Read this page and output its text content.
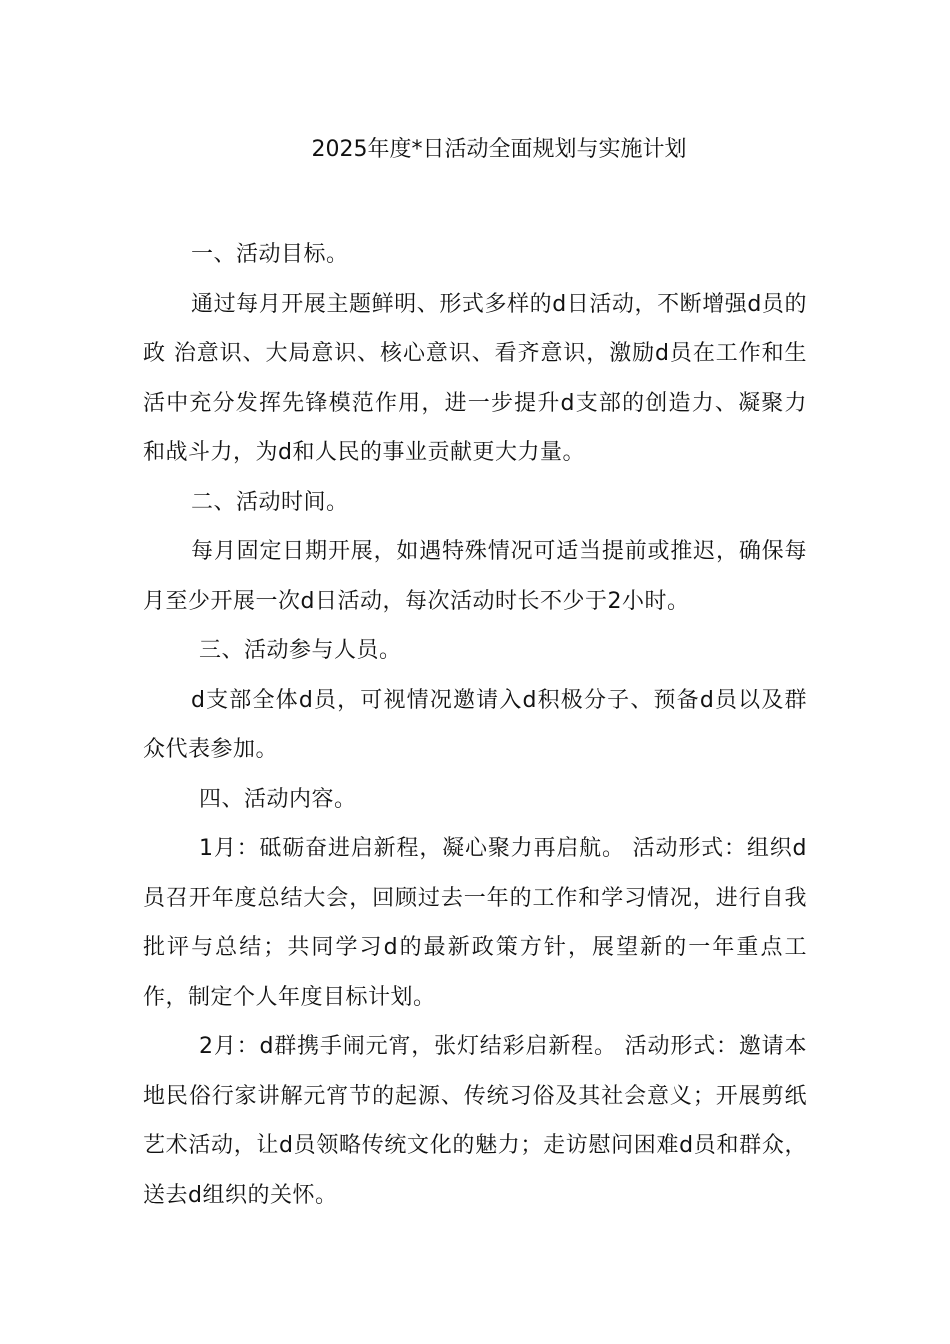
2025年度*日活动全面规划与实施计划

一、活动目标。

通过每月开展主题鲜明、形式多样的d日活动，不断增强d员的政 治意识、大局意识、核心意识、看齐意识，激励d员在工作和生活中充分发挥先锋模范作用，进一步提升d支部的创造力、凝聚力和战斗力，为d和人民的事业贡献更大力量。

二、活动时间。

每月固定日期开展，如遇特殊情况可适当提前或推迟，确保每月至少开展一次d日活动，每次活动时长不少于2小时。

三、活动参与人员。

d支部全体d员，可视情况邀请入d积极分子、预备d员以及群众代表参加。

四、活动内容。

1月：砥砺奋进启新程，凝心聚力再启航。 活动形式：组织d员召开年度总结大会，回顾过去一年的工作和学习情况，进行自我批评与总结；共同学习d的最新政策方针，展望新的一年重点工作，制定个人年度目标计划。

2月：d群携手闹元宵，张灯结彩启新程。 活动形式：邀请本地民俗行家讲解元宵节的起源、传统习俗及其社会意义；开展剪纸艺术活动，让d员领略传统文化的魅力；走访慰问困难d员和群众，送去d组织的关怀。
